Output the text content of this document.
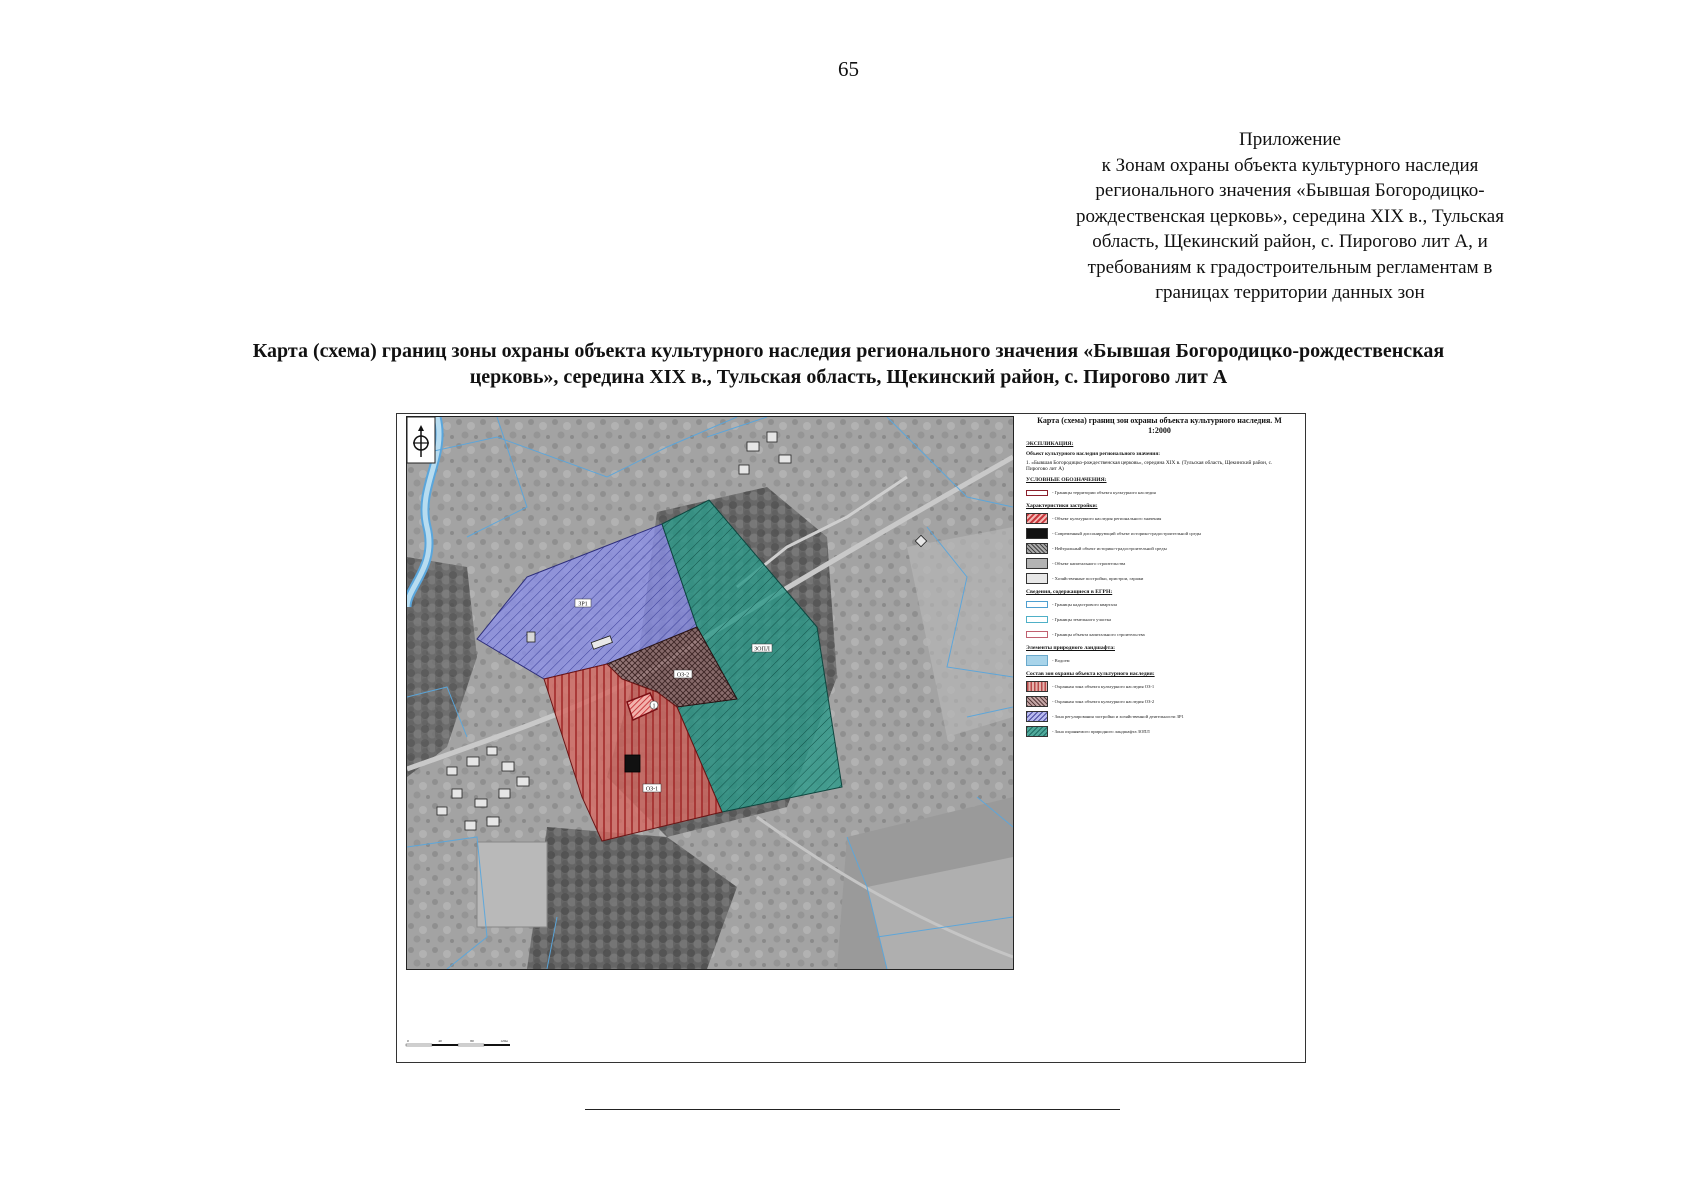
65
Приложение
к Зонам охраны объекта культурного наследия
регионального значения «Бывшая Богородицко-
рождественская церковь», середина XIX в., Тульская
область, Щекинский район, с. Пирогово лит А, и
требованиям к градостроительным регламентам в
границах территории данных зон
Карта (схема) границ зоны охраны объекта культурного наследия регионального значения «Бывшая Богородицко-рождественская
церковь», середина XIX в., Тульская область, Щекинский район, с. Пирогово лит А
ЗР1
ЗОПЛ
ОЗ-2
ОЗ-1
1
Карта (схема) границ зон охраны объекта культурного наследия. М 1:2000
ЭКСПЛИКАЦИЯ:
Объект культурного наследия регионального значения:
1. «Бывшая Богородицко-рождественская церковь», середина XIX в. (Тульская область, Щекинский район, с. Пирогово лит А)
УСЛОВНЫЕ ОБОЗНАЧЕНИЯ:
- Границы территории объекта культурного наследия
Характеристики застройки:
- Объект культурного наследия регионального значения
- Современный диссонирующий объект историко-градостроительной среды
- Нейтральный объект историко-градостроительной среды
- Объект капитального строительства
- Хозяйственные постройки, пристрои, гаражи
Сведения, содержащиеся в ЕГРН:
- Границы кадастрового квартала
- Границы земельного участка
- Границы объекта капитального строительства
Элементы природного ландшафта:
- Водоем
Состав зон охраны объекта культурного наследия:
- Охранная зона объекта культурного наследия ОЗ-1
- Охранная зона объекта культурного наследия ОЗ-2
- Зона регулирования застройки и хозяйственной деятельности ЗР1
- Зона охраняемого природного ландшафта ЗОПЛ
0	40	80	120м
